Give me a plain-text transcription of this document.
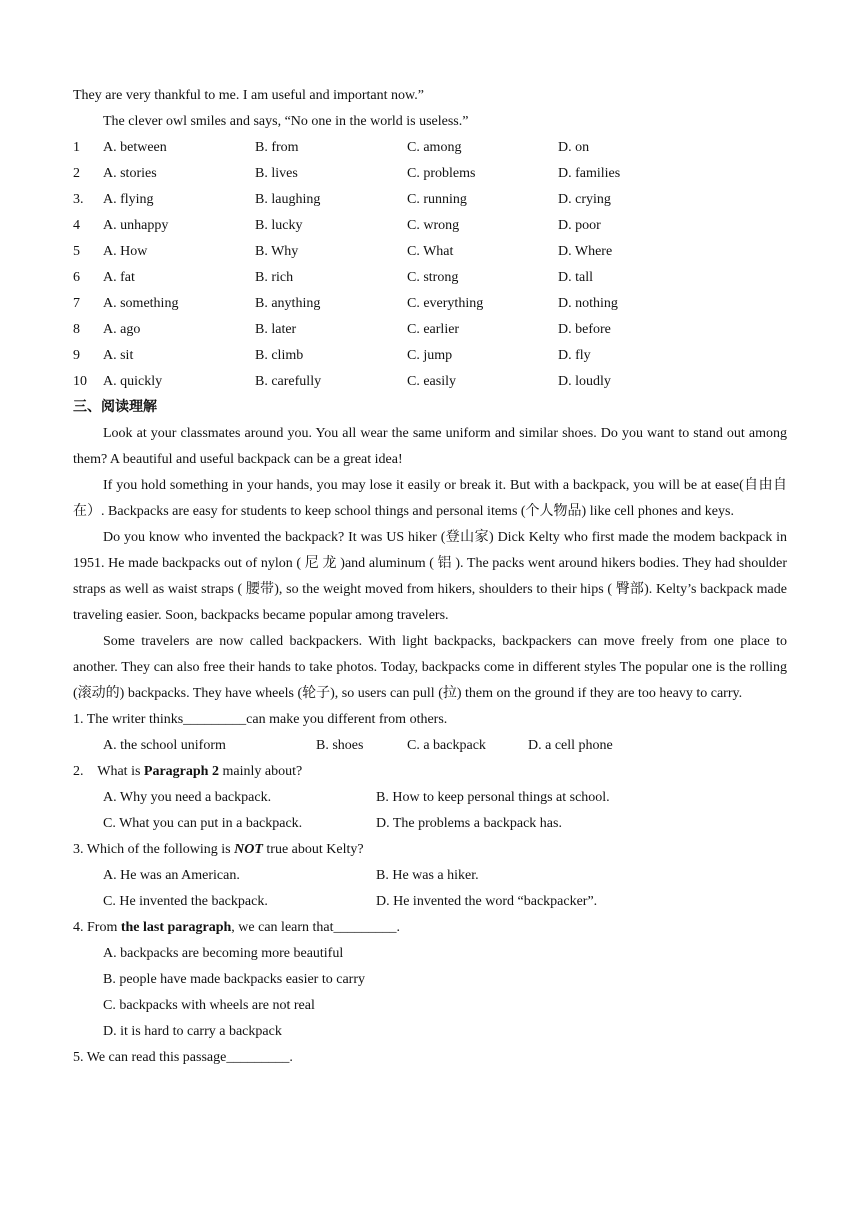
They are very thankful to me. I am useful and important now.”
The clever owl smiles and says, “No one in the world is useless.”
1 A. between	B. from	C. among	D. on
2 A. stories	B. lives	C. problems	D. families
3. A. flying	B. laughing	C. running	D. crying
4 A. unhappy	B. lucky	C. wrong	D. poor
5 A. How	B. Why	C. What	D. Where
6 A. fat	B. rich	C. strong	D. tall
7 A. something	B. anything	C. everything	D. nothing
8 A. ago	B. later	C. earlier	D. before
9 A. sit	B. climb	C. jump	D. fly
10 A. quickly	B. carefully	C. easily	D. loudly
三、阅读理解
Look at your classmates around you. You all wear the same uniform and similar shoes. Do you want to stand out among them? A beautiful and useful backpack can be a great idea!
If you hold something in your hands, you may lose it easily or break it. But with a backpack, you will be at ease(自由自在）. Backpacks are easy for students to keep school things and personal items (个人物品) like cell phones and keys.
Do you know who invented the backpack? It was US hiker (登山家) Dick Kelty who first made the modem backpack in 1951. He made backpacks out of nylon ( 尼 龙 )and aluminum ( 铝 ). The packs went around hikers bodies. They had shoulder straps as well as waist straps ( 腰带), so the weight moved from hikers, shoulders to their hips ( 臀部). Kelty’s backpack made traveling easier. Soon, backpacks became popular among travelers.
Some travelers are now called backpackers. With light backpacks, backpackers can move freely from one place to another. They can also free their hands to take photos. Today, backpacks come in different styles The popular one is the rolling (滚动的) backpacks. They have wheels (轮子), so users can pull (拉) them on the ground if they are too heavy to carry.
1. The writer thinks_________can make you different from others.
A. the school uniform	B. shoes	C. a backpack	D. a cell phone
2.    What is Paragraph 2 mainly about?
A. Why you need a backpack.	B. How to keep personal things at school.
C. What you can put in a backpack.	D. The problems a backpack has.
3. Which of the following is NOT true about Kelty?
A. He was an American.	B. He was a hiker.
C. He invented the backpack.	D. He invented the word “backpacker”.
4. From the last paragraph, we can learn that_________.
A. backpacks are becoming more beautiful
B. people have made backpacks easier to carry
C. backpacks with wheels are not real
D. it is hard to carry a backpack
5. We can read this passage_________.
